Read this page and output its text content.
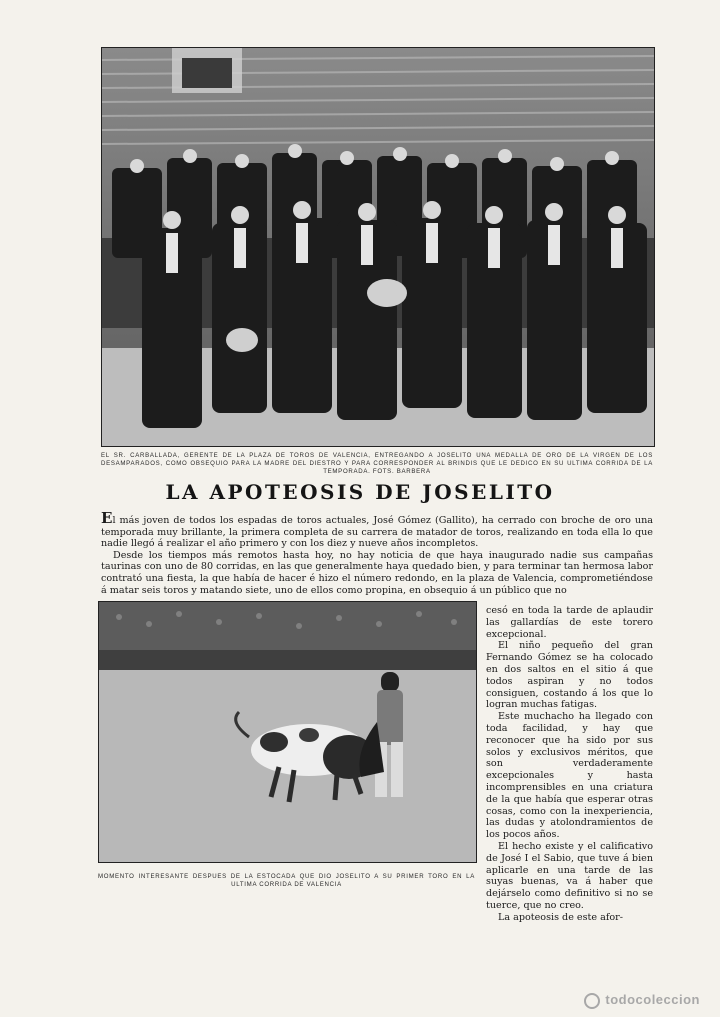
EL SR. CARBALLADA, GERENTE DE LA PLAZA DE TOROS DE VALENCIA, ENTREGANDO A JOSELITO UNA MEDALLA DE ORO DE LA VIRGEN DE LOS DESAMPARADOS, COMO OBSEQUIO PARA LA MADRE DEL DIESTRO Y PARA CORRESPONDER AL BRINDIS QUE LE DEDICO EN SU ULTIMA CORRIDA DE LA TEMPORADA. FOTS. BARBERA
LA APOTEOSIS DE JOSELITO

El más joven de todos los espadas de toros actuales, José Gómez (Gallito), ha cerrado con broche de oro una temporada muy brillante, la primera completa de su carrera de matador de toros, realizando en toda ella lo que nadie llegó á realizar el año primero y con los diez y nueve años incompletos.

Desde los tiempos más remotos hasta hoy, no hay noticia de que haya inaugurado nadie sus campañas taurinas con uno de 80 corridas, en las que generalmente haya quedado bien, y para terminar tan hermosa labor contrató una fiesta, la que había de hacer é hizo el número redondo, en la plaza de Valencia, comprometiéndose á matar seis toros y matando siete, uno de ellos como propina, en obsequio á un público que no

MOMENTO INTERESANTE DESPUES DE LA ESTOCADA QUE DIO JOSELITO A SU PRIMER TORO EN LA ULTIMA CORRIDA DE VALENCIA

cesó en toda la tarde de aplaudir las gallardías de este torero excepcional.

El niño pequeño del gran Fernando Gómez se ha colocado en dos saltos en el sitio á que todos aspiran y no todos consiguen, costando á los que lo logran muchas fatigas.

Este muchacho ha llegado con toda facilidad, y hay que reconocer que ha sido por sus solos y exclusivos méritos, que son verdaderamente excepcionales y hasta incomprensibles en una criatura de la que había que esperar otras cosas, como con la inexperiencia, las dudas y atolondramientos de los pocos años.

El hecho existe y el calificativo de José I el Sabio, que tuve á bien aplicarle en una tarde de las suyas buenas, va á haber que dejárselo como definitivo si no se tuerce, que no creo.

La apoteosis de este afor-

todocoleccion
